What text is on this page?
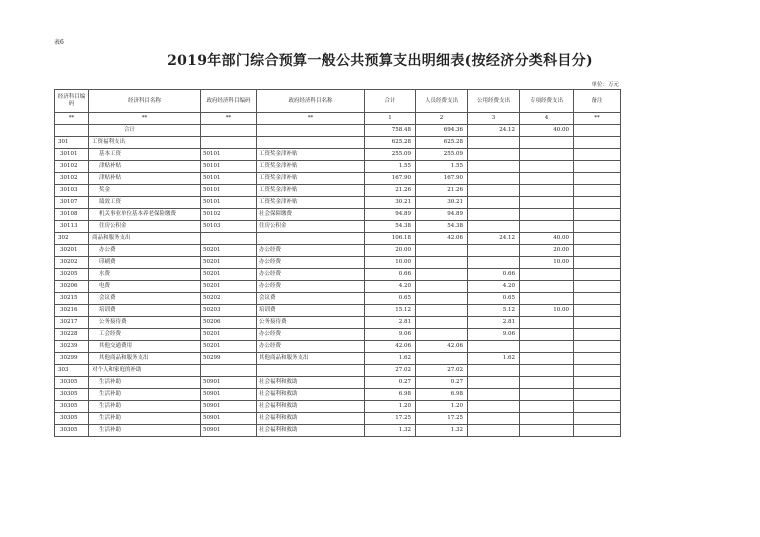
表6
2019年部门综合预算一般公共预算支出明细表(按经济分类科目分)
单位：万元
经济科目编码	经济科目名称	政府经济科目编码	政府经济科目名称	合计	人员经费支出	公用经费支出	专项经费支出	备注
**	**	**	**	1	2	3	4	**
	合计			758.48	694.36	24.12	40.00	
301	工资福利支出			625.28	625.28			
30101	基本工资	50101	工资奖金津补贴	255.09	255.09			
30102	津贴补贴	50101	工资奖金津补贴	1.55	1.55			
30102	津贴补贴	50101	工资奖金津补贴	167.90	167.90			
30103	奖金	50101	工资奖金津补贴	21.26	21.26			
30107	绩效工资	50101	工资奖金津补贴	30.21	30.21			
30108	机关事业单位基本养老保险缴费	50102	社会保障缴费	94.89	94.89			
30113	住房公积金	50103	住房公积金	54.38	54.38			
302	商品和服务支出			106.18	42.06	24.12	40.00	
30201	办公费	50201	办公经费	20.00			20.00	
30202	印刷费	50201	办公经费	10.00			10.00	
30205	水费	50201	办公经费	0.66		0.66		
30206	电费	50201	办公经费	4.20		4.20		
30215	会议费	50202	会议费	0.65		0.65		
30216	培训费	50203	培训费	15.12		5.12	10.00	
30217	公务接待费	50206	公务接待费	2.81		2.81		
30228	工会经费	50201	办公经费	9.06		9.06		
30239	其他交通费用	50201	办公经费	42.06	42.06			
30299	其他商品和服务支出	50299	其他商品和服务支出	1.62		1.62		
303	对个人和家庭的补助			27.02	27.02			
30305	生活补助	50901	社会福利和救助	0.27	0.27			
30305	生活补助	50901	社会福利和救助	6.98	6.98			
30305	生活补助	50901	社会福利和救助	1.20	1.20			
30305	生活补助	50901	社会福利和救助	17.25	17.25			
30305	生活补助	50901	社会福利和救助	1.32	1.32			
